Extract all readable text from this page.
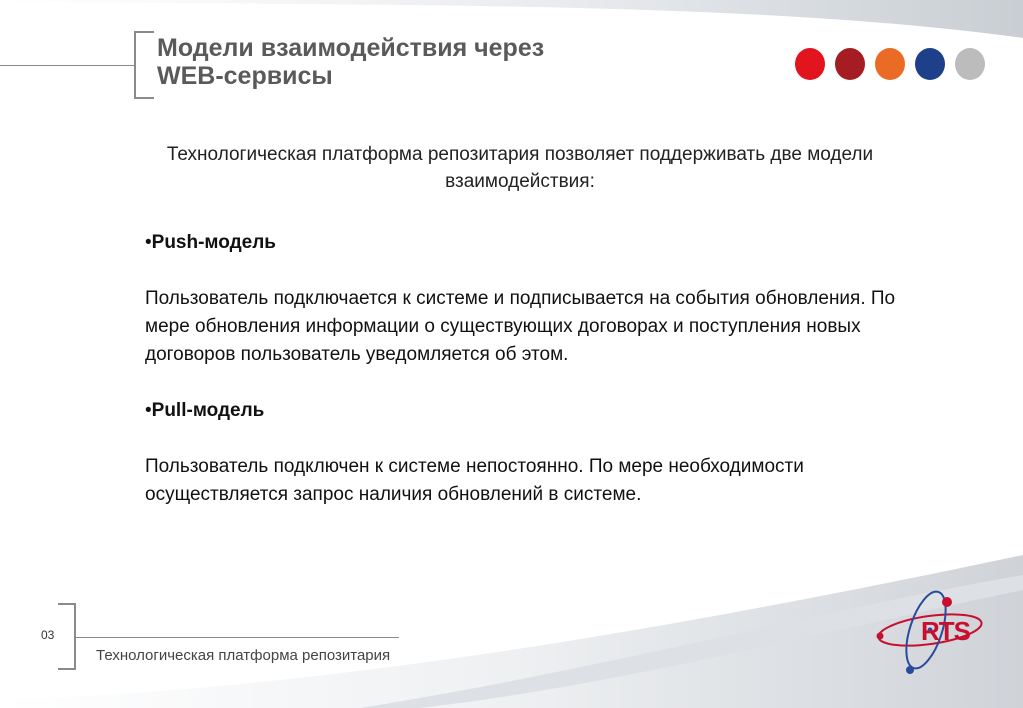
Модели взаимодействия через
WEB-сервисы

Технологическая платформа репозитария позволяет поддерживать две модели взаимодействия:

•Push-модель

Пользователь подключается к системе и подписывается на события обновления. По мере обновления информации о существующих договорах и поступления новых договоров пользователь уведомляется об этом.

•Pull-модель

Пользователь подключен к системе непостоянно. По мере необходимости осуществляется запрос наличия обновлений в системе.

03
Технологическая платформа репозитария
RTS
